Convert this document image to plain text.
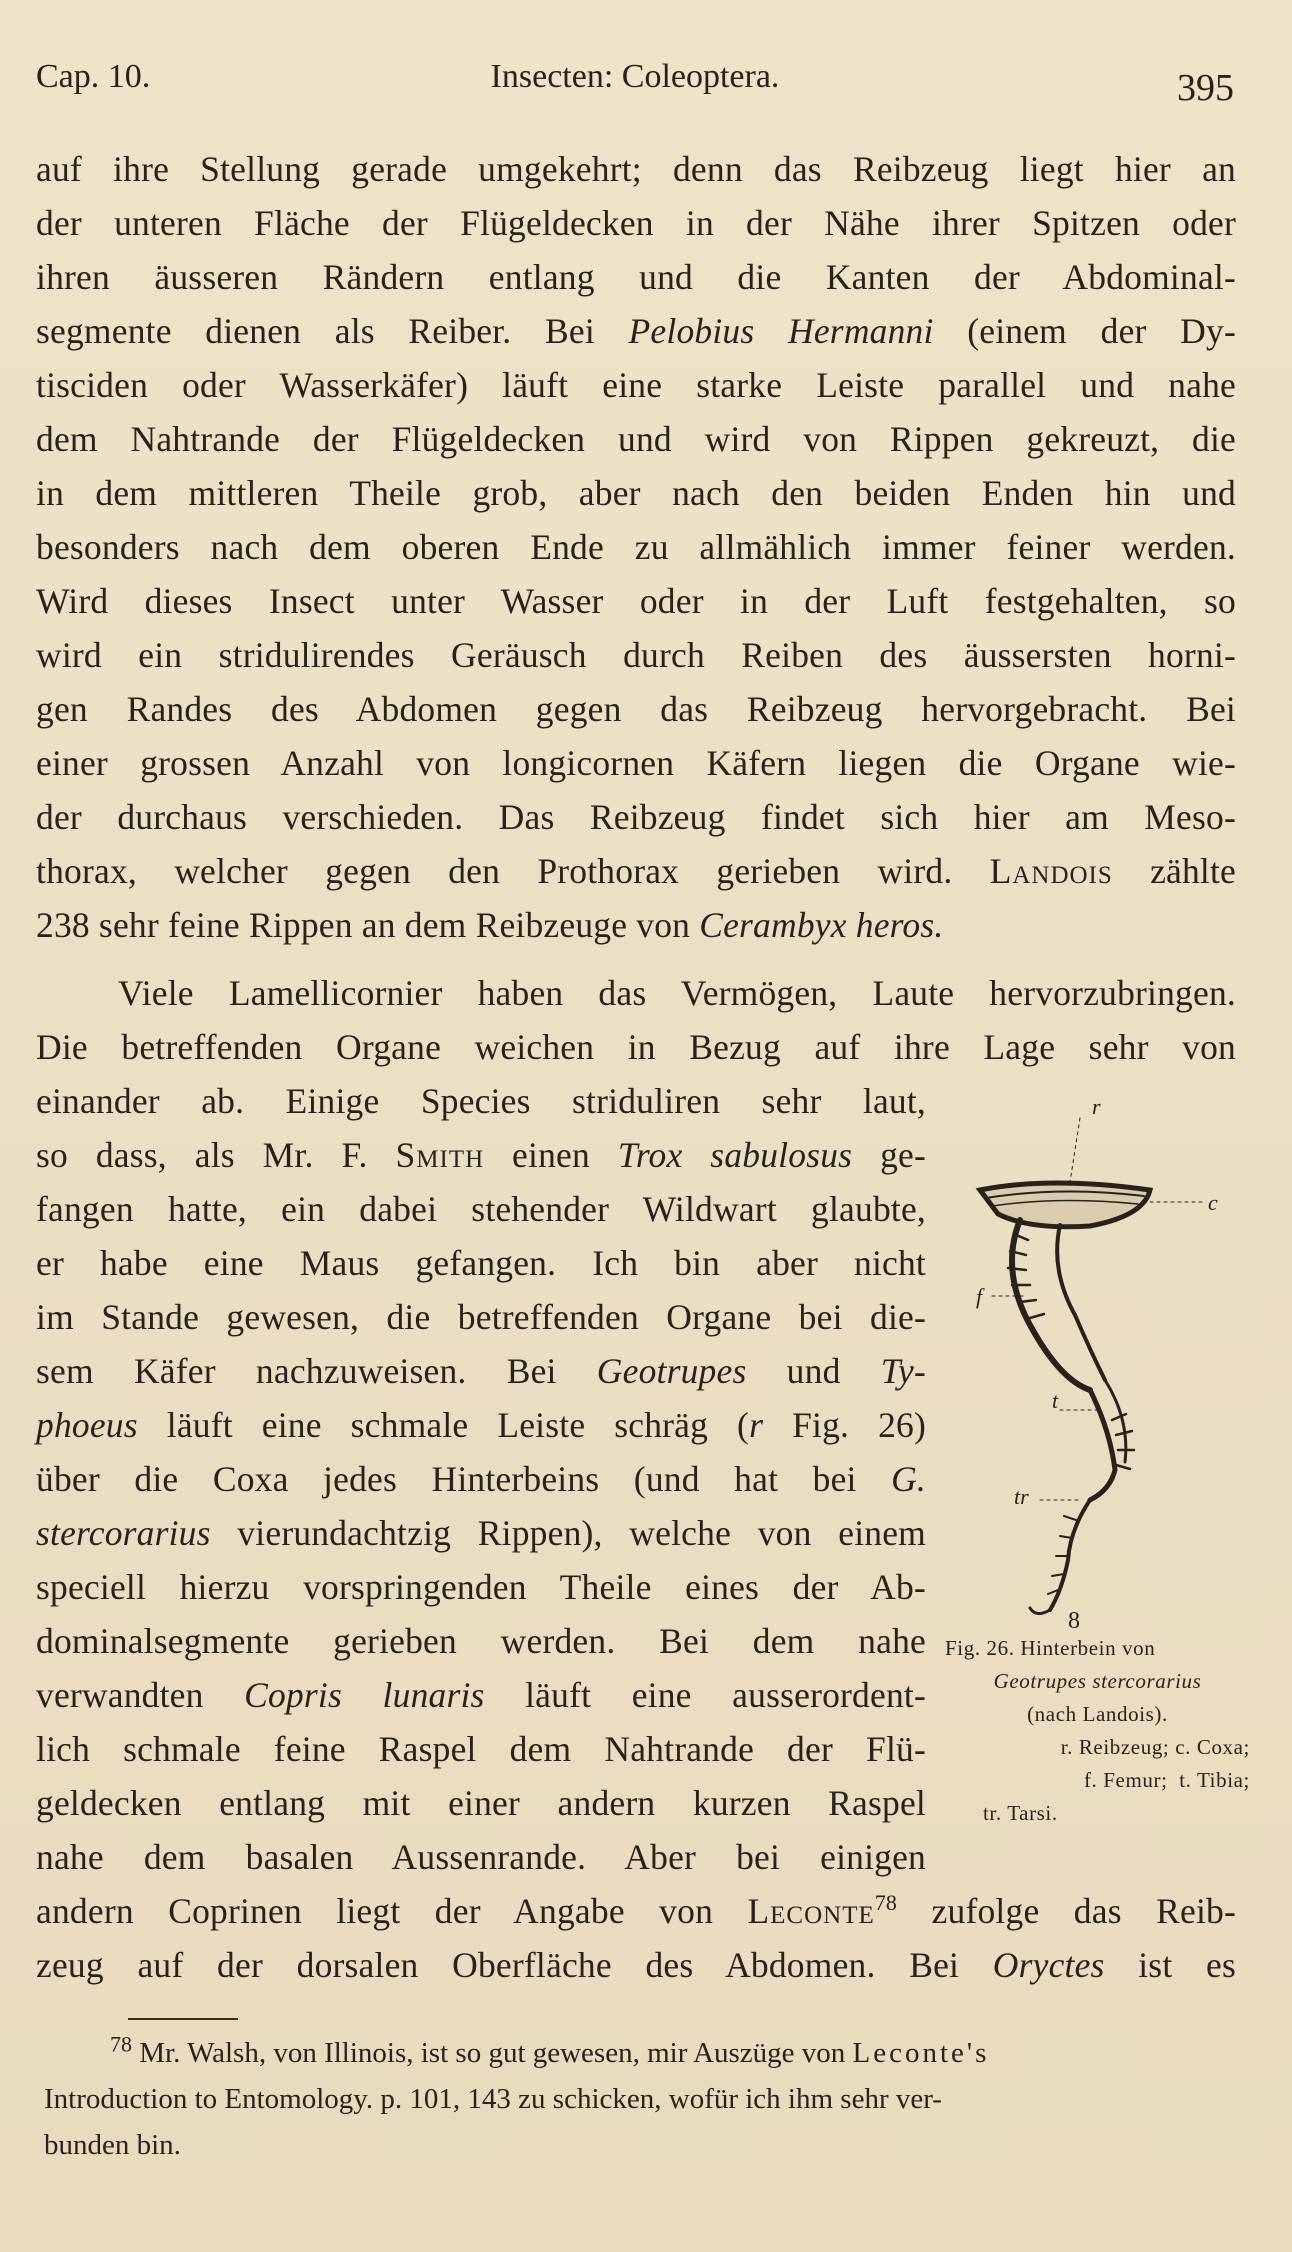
Cap. 10.	Insecten: Coleoptera.	395
auf ihre Stellung gerade umgekehrt; denn das Reibzeug liegt hier an
der unteren Fläche der Flügeldecken in der Nähe ihrer Spitzen oder
ihren äusseren Rändern entlang und die Kanten der Abdominal-
segmente dienen als Reiber. Bei Pelobius Hermanni (einem der Dy-
tisciden oder Wasserkäfer) läuft eine starke Leiste parallel und nahe
dem Nahtrande der Flügeldecken und wird von Rippen gekreuzt, die
in dem mittleren Theile grob, aber nach den beiden Enden hin und
besonders nach dem oberen Ende zu allmählich immer feiner werden.
Wird dieses Insect unter Wasser oder in der Luft festgehalten, so
wird ein stridulirendes Geräusch durch Reiben des äussersten horni-
gen Randes des Abdomen gegen das Reibzeug hervorgebracht. Bei
einer grossen Anzahl von longicornen Käfern liegen die Organe wie-
der durchaus verschieden. Das Reibzeug findet sich hier am Meso-
thorax, welcher gegen den Prothorax gerieben wird. Landois zählte
238 sehr feine Rippen an dem Reibzeuge von Cerambyx heros.
Viele Lamellicornier haben das Vermögen, Laute hervorzubringen.
Die betreffenden Organe weichen in Bezug auf ihre Lage sehr von
einander ab. Einige Species striduliren sehr laut,
so dass, als Mr. F. Smith einen Trox sabulosus ge-
fangen hatte, ein dabei stehender Wildwart glaubte,
er habe eine Maus gefangen. Ich bin aber nicht
im Stande gewesen, die betreffenden Organe bei die-
sem Käfer nachzuweisen. Bei Geotrupes und Ty-
phoeus läuft eine schmale Leiste schräg (r Fig. 26)
über die Coxa jedes Hinterbeins (und hat bei G.
stercorarius vierundachtzig Rippen), welche von einem
speciell hierzu vorspringenden Theile eines der Ab-
dominalsegmente gerieben werden. Bei dem nahe
verwandten Copris lunaris läuft eine ausserordent-
lich schmale feine Raspel dem Nahtrande der Flü-
geldecken entlang mit einer andern kurzen Raspel
nahe dem basalen Aussenrande. Aber bei einigen
andern Coprinen liegt der Angabe von Leconte$^{78}$ zufolge das Reib-
zeug auf der dorsalen Oberfläche des Abdomen. Bei Oryctes ist es
r
c
f
t
tr
8
Fig. 26. Hinterbein von
Geotrupes stercorarius
(nach Landois).
r. Reibzeug; c. Coxa;
f. Femur; t. Tibia;
tr. Tarsi.
$^{78}$ Mr. Walsh, von Illinois, ist so gut gewesen, mir Auszüge von Leconte's
Introduction to Entomology. p. 101, 143 zu schicken, wofür ich ihm sehr ver-
bunden bin.
